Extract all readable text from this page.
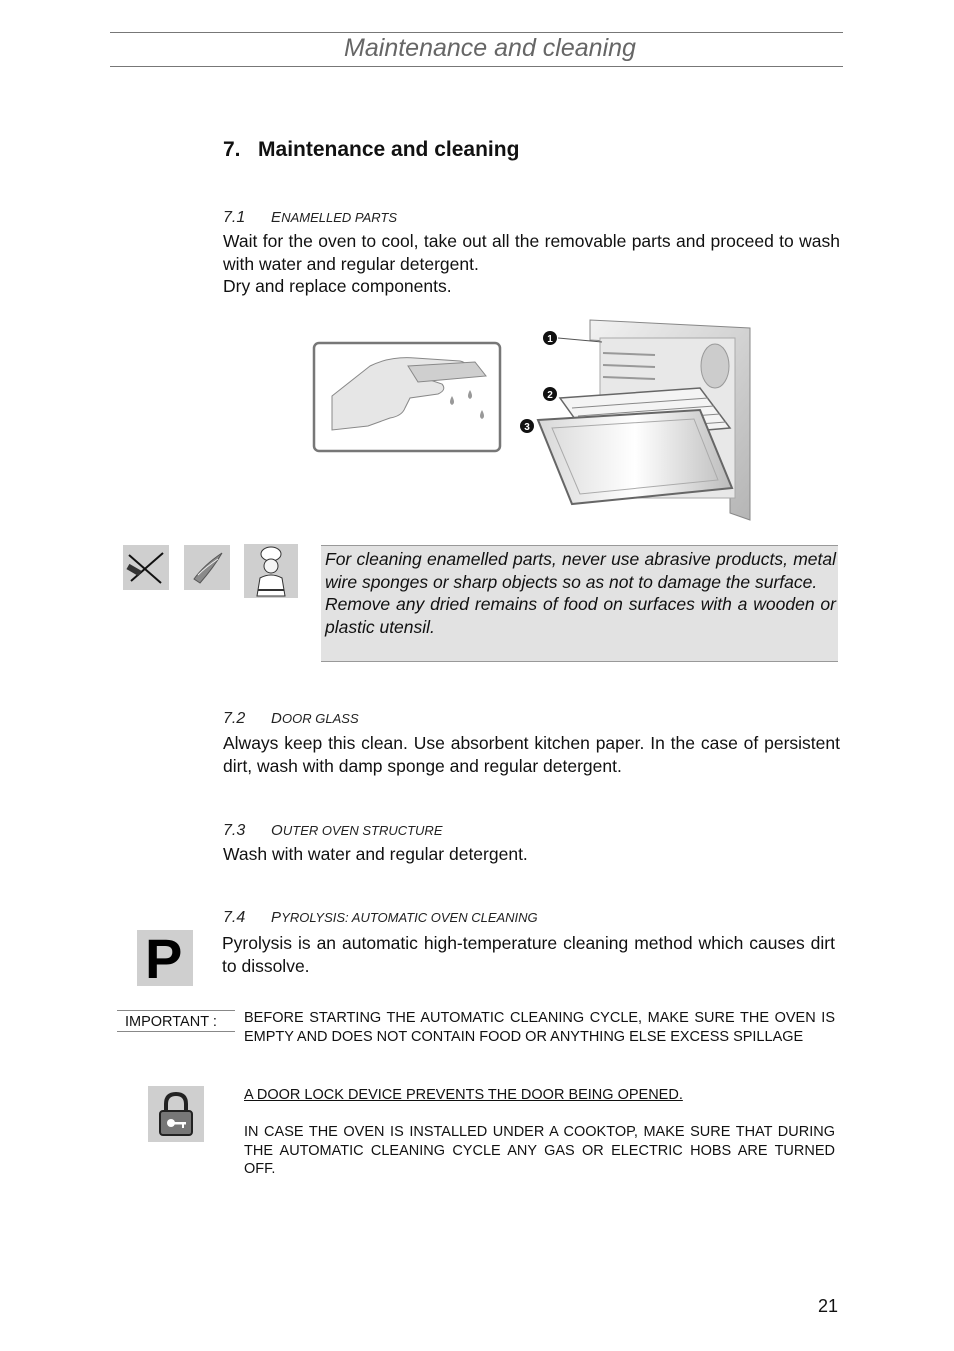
Maintenance and cleaning
7.   Maintenance and cleaning
7.1 ENAMELLED PARTS

Wait for the oven to cool, take out all the removable parts and proceed to wash with water and regular detergent.

Dry and replace components.

1
2
3

For cleaning enamelled parts, never use abrasive products, metal wire sponges or sharp objects so as not to damage the surface.

Remove any dried remains of food on surfaces with a wooden or plastic utensil.

7.2 DOOR GLASS

Always keep this clean. Use absorbent kitchen paper. In the case of persistent dirt, wash with damp sponge and regular detergent.

7.3 OUTER OVEN STRUCTURE

Wash with water and regular detergent.

7.4 PYROLYSIS: AUTOMATIC OVEN CLEANING
P Pyrolysis is an automatic high-temperature cleaning method which causes dirt to dissolve.

IMPORTANT :	BEFORE STARTING THE AUTOMATIC CLEANING CYCLE, MAKE SURE THE OVEN IS EMPTY AND DOES NOT CONTAIN FOOD OR ANYTHING ELSE EXCESS SPILLAGE
A DOOR LOCK DEVICE PREVENTS THE DOOR BEING OPENED.
IN CASE THE OVEN IS INSTALLED UNDER A COOKTOP, MAKE SURE THAT DURING THE AUTOMATIC CLEANING CYCLE ANY GAS OR ELECTRIC HOBS ARE TURNED OFF.
21
